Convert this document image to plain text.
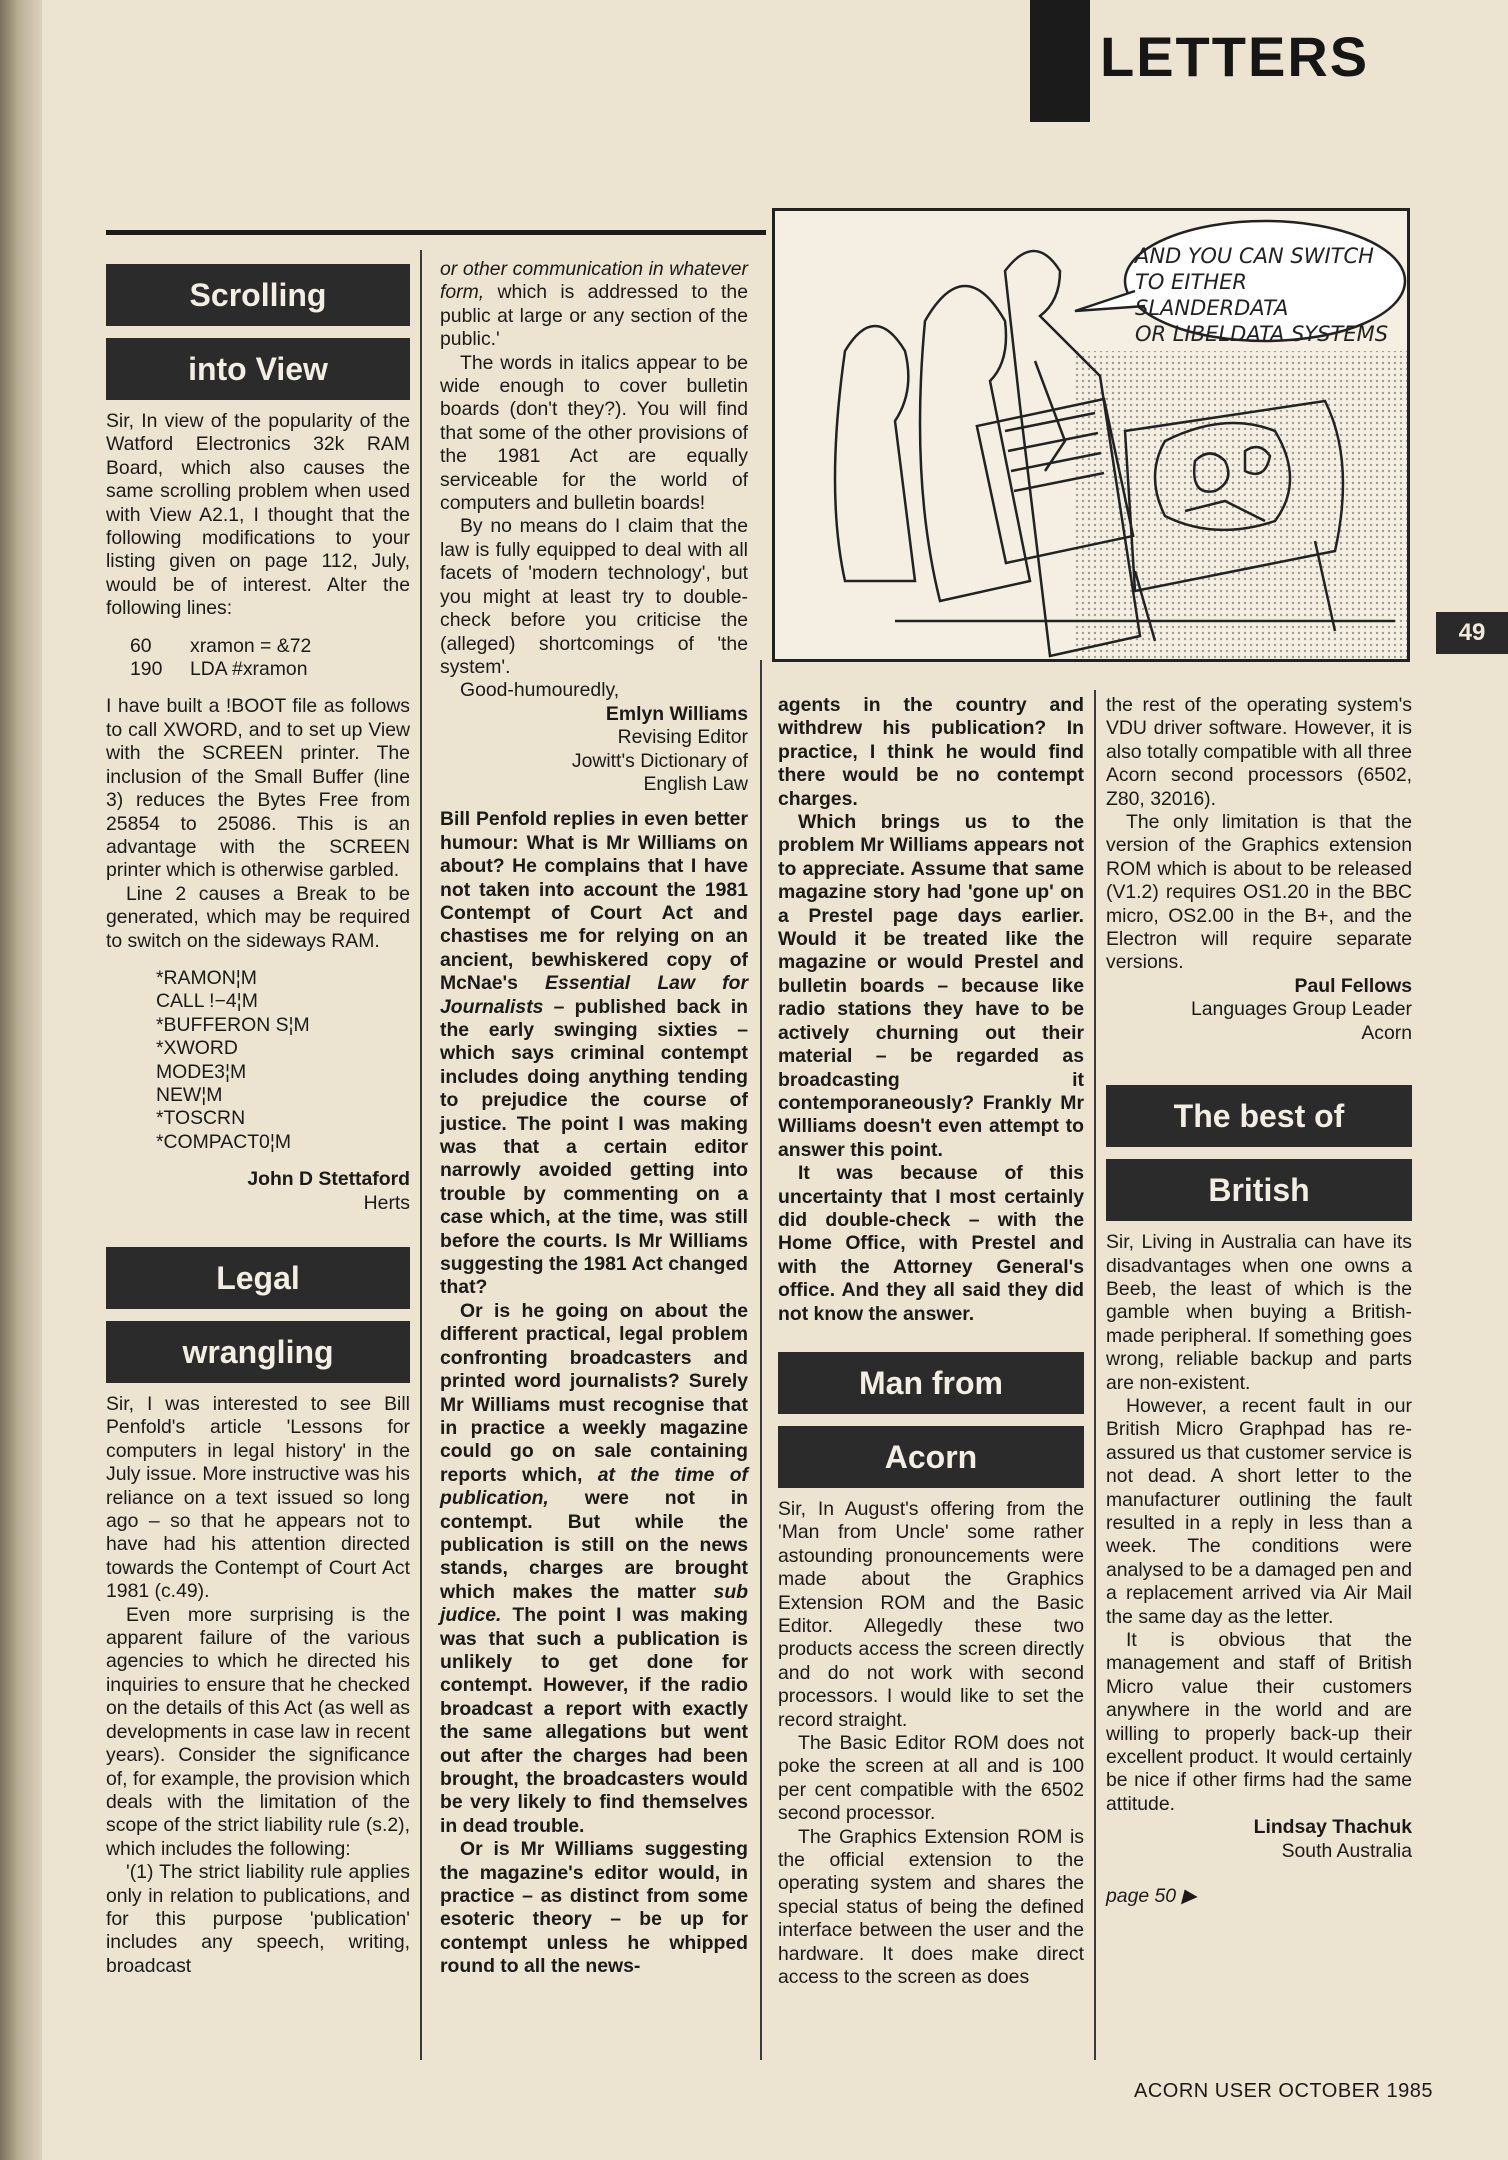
LETTERS
49
Scrolling
into View

Sir, In view of the popularity of the Watford Electronics 32k RAM Board, which also causes the same scrolling problem when used with View A2.1, I thought that the following modifications to your listing given on page 112, July, would be of interest. Alter the following lines:

60	xramon = &72
190	LDA #xramon

I have built a !BOOT file as follows to call XWORD, and to set up View with the SCREEN printer. The inclusion of the Small Buffer (line 3) reduces the Bytes Free from 25854 to 25086. This is an advantage with the SCREEN printer which is otherwise garbled.

Line 2 causes a Break to be generated, which may be required to switch on the sideways RAM.

*RAMON¦M
CALL !−4¦M
*BUFFERON S¦M
*XWORD
MODE3¦M
NEW¦M
*TOSCRN
*COMPACT0¦M
John D Stettaford
Herts
Legal
wrangling

Sir, I was interested to see Bill Penfold's article 'Lessons for computers in legal history' in the July issue. More instructive was his reliance on a text issued so long ago – so that he appears not to have had his attention directed towards the Contempt of Court Act 1981 (c.49).

Even more surprising is the apparent failure of the various agencies to which he directed his inquiries to ensure that he checked on the details of this Act (as well as developments in case law in recent years). Consider the significance of, for example, the provision which deals with the limitation of the scope of the strict liability rule (s.2), which includes the following:

'(1) The strict liability rule applies only in relation to publications, and for this purpose 'publication' includes any speech, writing, broadcast

or other communication in whatever form, which is addressed to the public at large or any section of the public.'

The words in italics appear to be wide enough to cover bulletin boards (don't they?). You will find that some of the other provisions of the 1981 Act are equally serviceable for the world of computers and bulletin boards!

By no means do I claim that the law is fully equipped to deal with all facets of 'modern technology', but you might at least try to double-check before you criticise the (alleged) shortcomings of 'the system'.

Good-humouredly,

Emlyn Williams
Revising Editor
Jowitt's Dictionary of
English Law

Bill Penfold replies in even better humour: What is Mr Williams on about? He complains that I have not taken into account the 1981 Contempt of Court Act and chastises me for relying on an ancient, bewhiskered copy of McNae's Essential Law for Journalists – published back in the early swinging sixties – which says criminal contempt includes doing anything tending to prejudice the course of justice. The point I was making was that a certain editor narrowly avoided getting into trouble by commenting on a case which, at the time, was still before the courts. Is Mr Williams suggesting the 1981 Act changed that?

Or is he going on about the different practical, legal problem confronting broadcasters and printed word journalists? Surely Mr Williams must recognise that in practice a weekly magazine could go on sale containing reports which, at the time of publication, were not in contempt. But while the publication is still on the news stands, charges are brought which makes the matter sub judice. The point I was making was that such a publication is unlikely to get done for contempt. However, if the radio broadcast a report with exactly the same allegations but went out after the charges had been brought, the broadcasters would be very likely to find themselves in dead trouble.

Or is Mr Williams suggesting the magazine's editor would, in practice – as distinct from some esoteric theory – be up for contempt unless he whipped round to all the news-

AND YOU CAN SWITCH
TO EITHER SLANDERDATA
OR LIBELDATA SYSTEMS

agents in the country and withdrew his publication? In practice, I think he would find there would be no contempt charges.

Which brings us to the problem Mr Williams appears not to appreciate. Assume that same magazine story had 'gone up' on a Prestel page days earlier. Would it be treated like the magazine or would Prestel and bulletin boards – because like radio stations they have to be actively churning out their material – be regarded as broadcasting it contemporaneously? Frankly Mr Williams doesn't even attempt to answer this point.

It was because of this uncertainty that I most certainly did double-check – with the Home Office, with Prestel and with the Attorney General's office. And they all said they did not know the answer.

Man from
Acorn

Sir, In August's offering from the 'Man from Uncle' some rather astounding pronouncements were made about the Graphics Extension ROM and the Basic Editor. Allegedly these two products access the screen directly and do not work with second processors. I would like to set the record straight.

The Basic Editor ROM does not poke the screen at all and is 100 per cent compatible with the 6502 second processor.

The Graphics Extension ROM is the official extension to the operating system and shares the special status of being the defined interface between the user and the hardware. It does make direct access to the screen as does

the rest of the operating system's VDU driver software. However, it is also totally compatible with all three Acorn second processors (6502, Z80, 32016).

The only limitation is that the version of the Graphics extension ROM which is about to be released (V1.2) requires OS1.20 in the BBC micro, OS2.00 in the B+, and the Electron will require separate versions.

Paul Fellows
Languages Group Leader
Acorn
The best of
British

Sir, Living in Australia can have its disadvantages when one owns a Beeb, the least of which is the gamble when buying a British-made peripheral. If something goes wrong, reliable backup and parts are non-existent.

However, a recent fault in our British Micro Graphpad has re-assured us that customer service is not dead. A short letter to the manufacturer outlining the fault resulted in a reply in less than a week. The conditions were analysed to be a damaged pen and a replacement arrived via Air Mail the same day as the letter.

It is obvious that the management and staff of British Micro value their customers anywhere in the world and are willing to properly back-up their excellent product. It would certainly be nice if other firms had the same attitude.

Lindsay Thachuk
South Australia

page 50 ▶

ACORN USER OCTOBER 1985
